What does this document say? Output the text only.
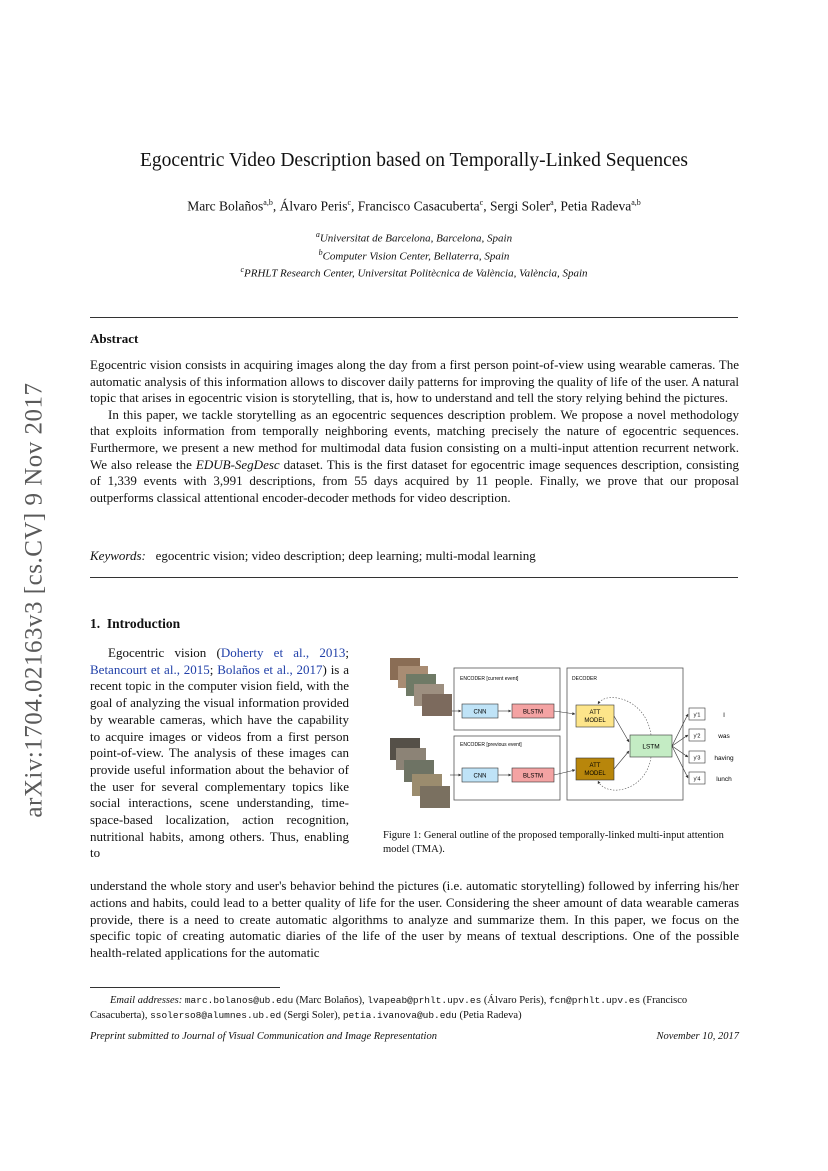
arXiv:1704.02163v3 [cs.CV] 9 Nov 2017
Egocentric Video Description based on Temporally-Linked Sequences
Marc Bolaños$^{a,b}$, Álvaro Peris$^c$, Francisco Casacuberta$^c$, Sergi Soler$^a$, Petia Radeva$^{a,b}$
$^a$Universitat de Barcelona, Barcelona, Spain
$^b$Computer Vision Center, Bellaterra, Spain
$^c$PRHLT Research Center, Universitat Politècnica de València, València, Spain
Abstract

Egocentric vision consists in acquiring images along the day from a first person point-of-view using wearable cameras. The automatic analysis of this information allows to discover daily patterns for improving the quality of life of the user. A natural topic that arises in egocentric vision is storytelling, that is, how to understand and tell the story relying behind the pictures.

In this paper, we tackle storytelling as an egocentric sequences description problem. We propose a novel methodology that exploits information from temporally neighboring events, matching precisely the nature of egocentric sequences. Furthermore, we present a new method for multimodal data fusion consisting on a multi-input attention recurrent network. We also release the EDUB-SegDesc dataset. This is the first dataset for egocentric image sequences description, consisting of 1,339 events with 3,991 descriptions, from 55 days acquired by 11 people. Finally, we prove that our proposal outperforms classical attentional encoder-decoder methods for video description.

Keywords: egocentric vision; video description; deep learning; multi-modal learning
1. Introduction

Egocentric vision (Doherty et al., 2013; Betancourt et al., 2015; Bolaños et al., 2017) is a recent topic in the computer vision field, with the goal of analyzing the visual information provided by wearable cameras, which have the capability to acquire images or videos from a first person point-of-view. The analysis of these images can provide useful information about the behavior of the user for several complementary topics like social interactions, scene understanding, time-space-based localization, action recognition, nutritional habits, among others. Thus, enabling to

ENCODER [current event]
ENCODER [previous event]
DECODER
CNN	BLSTM
CNN	BLSTM
ATT
MODEL
ATT
MODEL
LSTM
y'1
y'2
y'3
y'4
I
was
having
lunch
Figure 1: General outline of the proposed temporally-linked multi-input attention model (TMA).
understand the whole story and user's behavior behind the pictures (i.e. automatic storytelling) followed by inferring his/her actions and habits, could lead to a better quality of life for the user. Considering the sheer amount of data wearable cameras provide, there is a need to create automatic algorithms to analyze and summarize them. In this paper, we focus on the specific topic of creating automatic diaries of the life of the user by means of textual descriptions. One of the possible health-related applications for the automatic
Email addresses: marc.bolanos@ub.edu (Marc Bolaños), lvapeab@prhlt.upv.es (Álvaro Peris), fcn@prhlt.upv.es (Francisco Casacuberta), ssolerso8@alumnes.ub.ed (Sergi Soler), petia.ivanova@ub.edu (Petia Radeva)
Preprint submitted to Journal of Visual Communication and Image Representation	November 10, 2017
